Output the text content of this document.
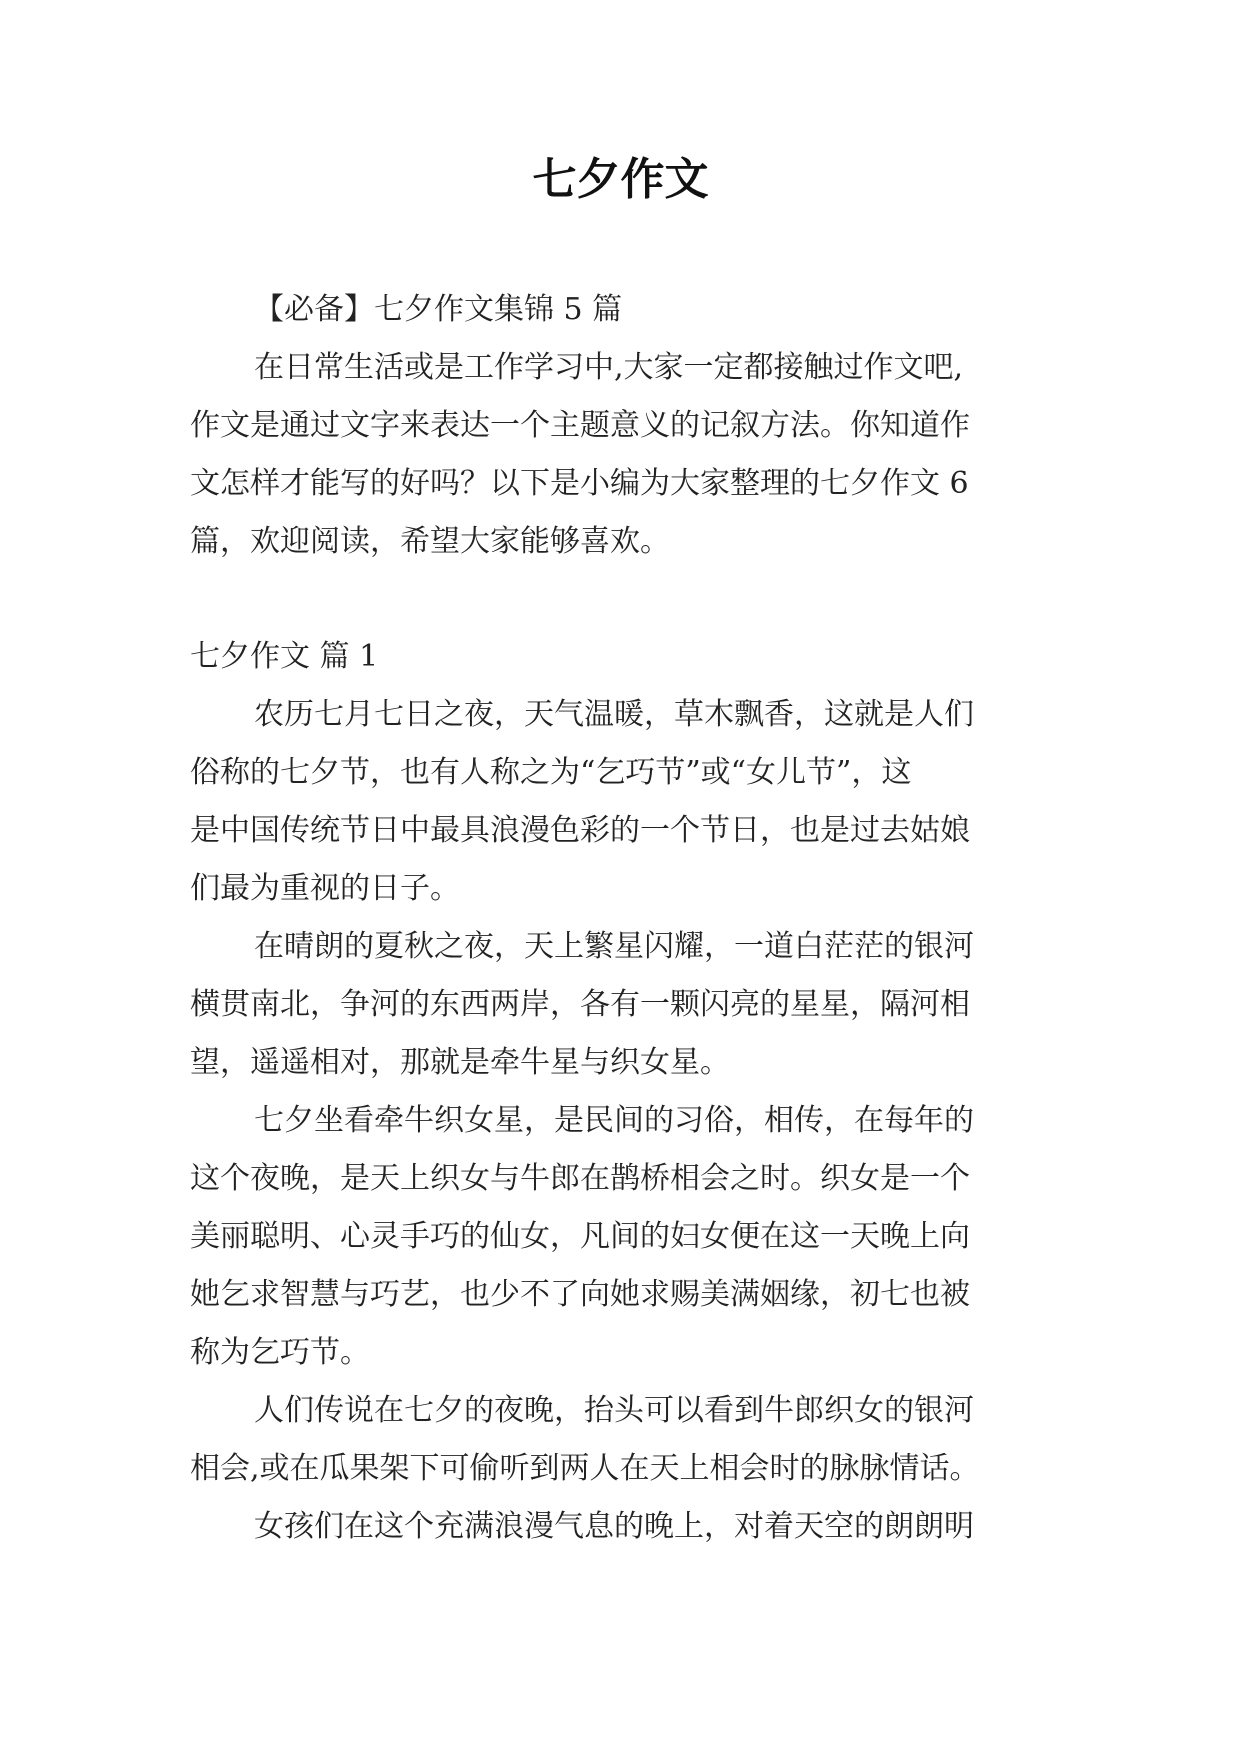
七夕作文
【必备】七夕作文集锦 5 篇
在日常生活或是工作学习中,大家一定都接触过作文吧,
作文是通过文字来表达一个主题意义的记叙方法。你知道作
文怎样才能写的好吗？以下是小编为大家整理的七夕作文 6
篇，欢迎阅读，希望大家能够喜欢。
七夕作文 篇 1
农历七月七日之夜，天气温暖，草木飘香，这就是人们
俗称的七夕节，也有人称之为“乞巧节”或“女儿节”，这
是中国传统节日中最具浪漫色彩的一个节日，也是过去姑娘
们最为重视的日子。
在晴朗的夏秋之夜，天上繁星闪耀，一道白茫茫的银河
横贯南北，争河的东西两岸，各有一颗闪亮的星星，隔河相
望，遥遥相对，那就是牵牛星与织女星。
七夕坐看牵牛织女星，是民间的习俗，相传，在每年的
这个夜晚，是天上织女与牛郎在鹊桥相会之时。织女是一个
美丽聪明、心灵手巧的仙女，凡间的妇女便在这一天晚上向
她乞求智慧与巧艺，也少不了向她求赐美满姻缘，初七也被
称为乞巧节。
人们传说在七夕的夜晚，抬头可以看到牛郎织女的银河
相会,或在瓜果架下可偷听到两人在天上相会时的脉脉情话。
女孩们在这个充满浪漫气息的晚上，对着天空的朗朗明
